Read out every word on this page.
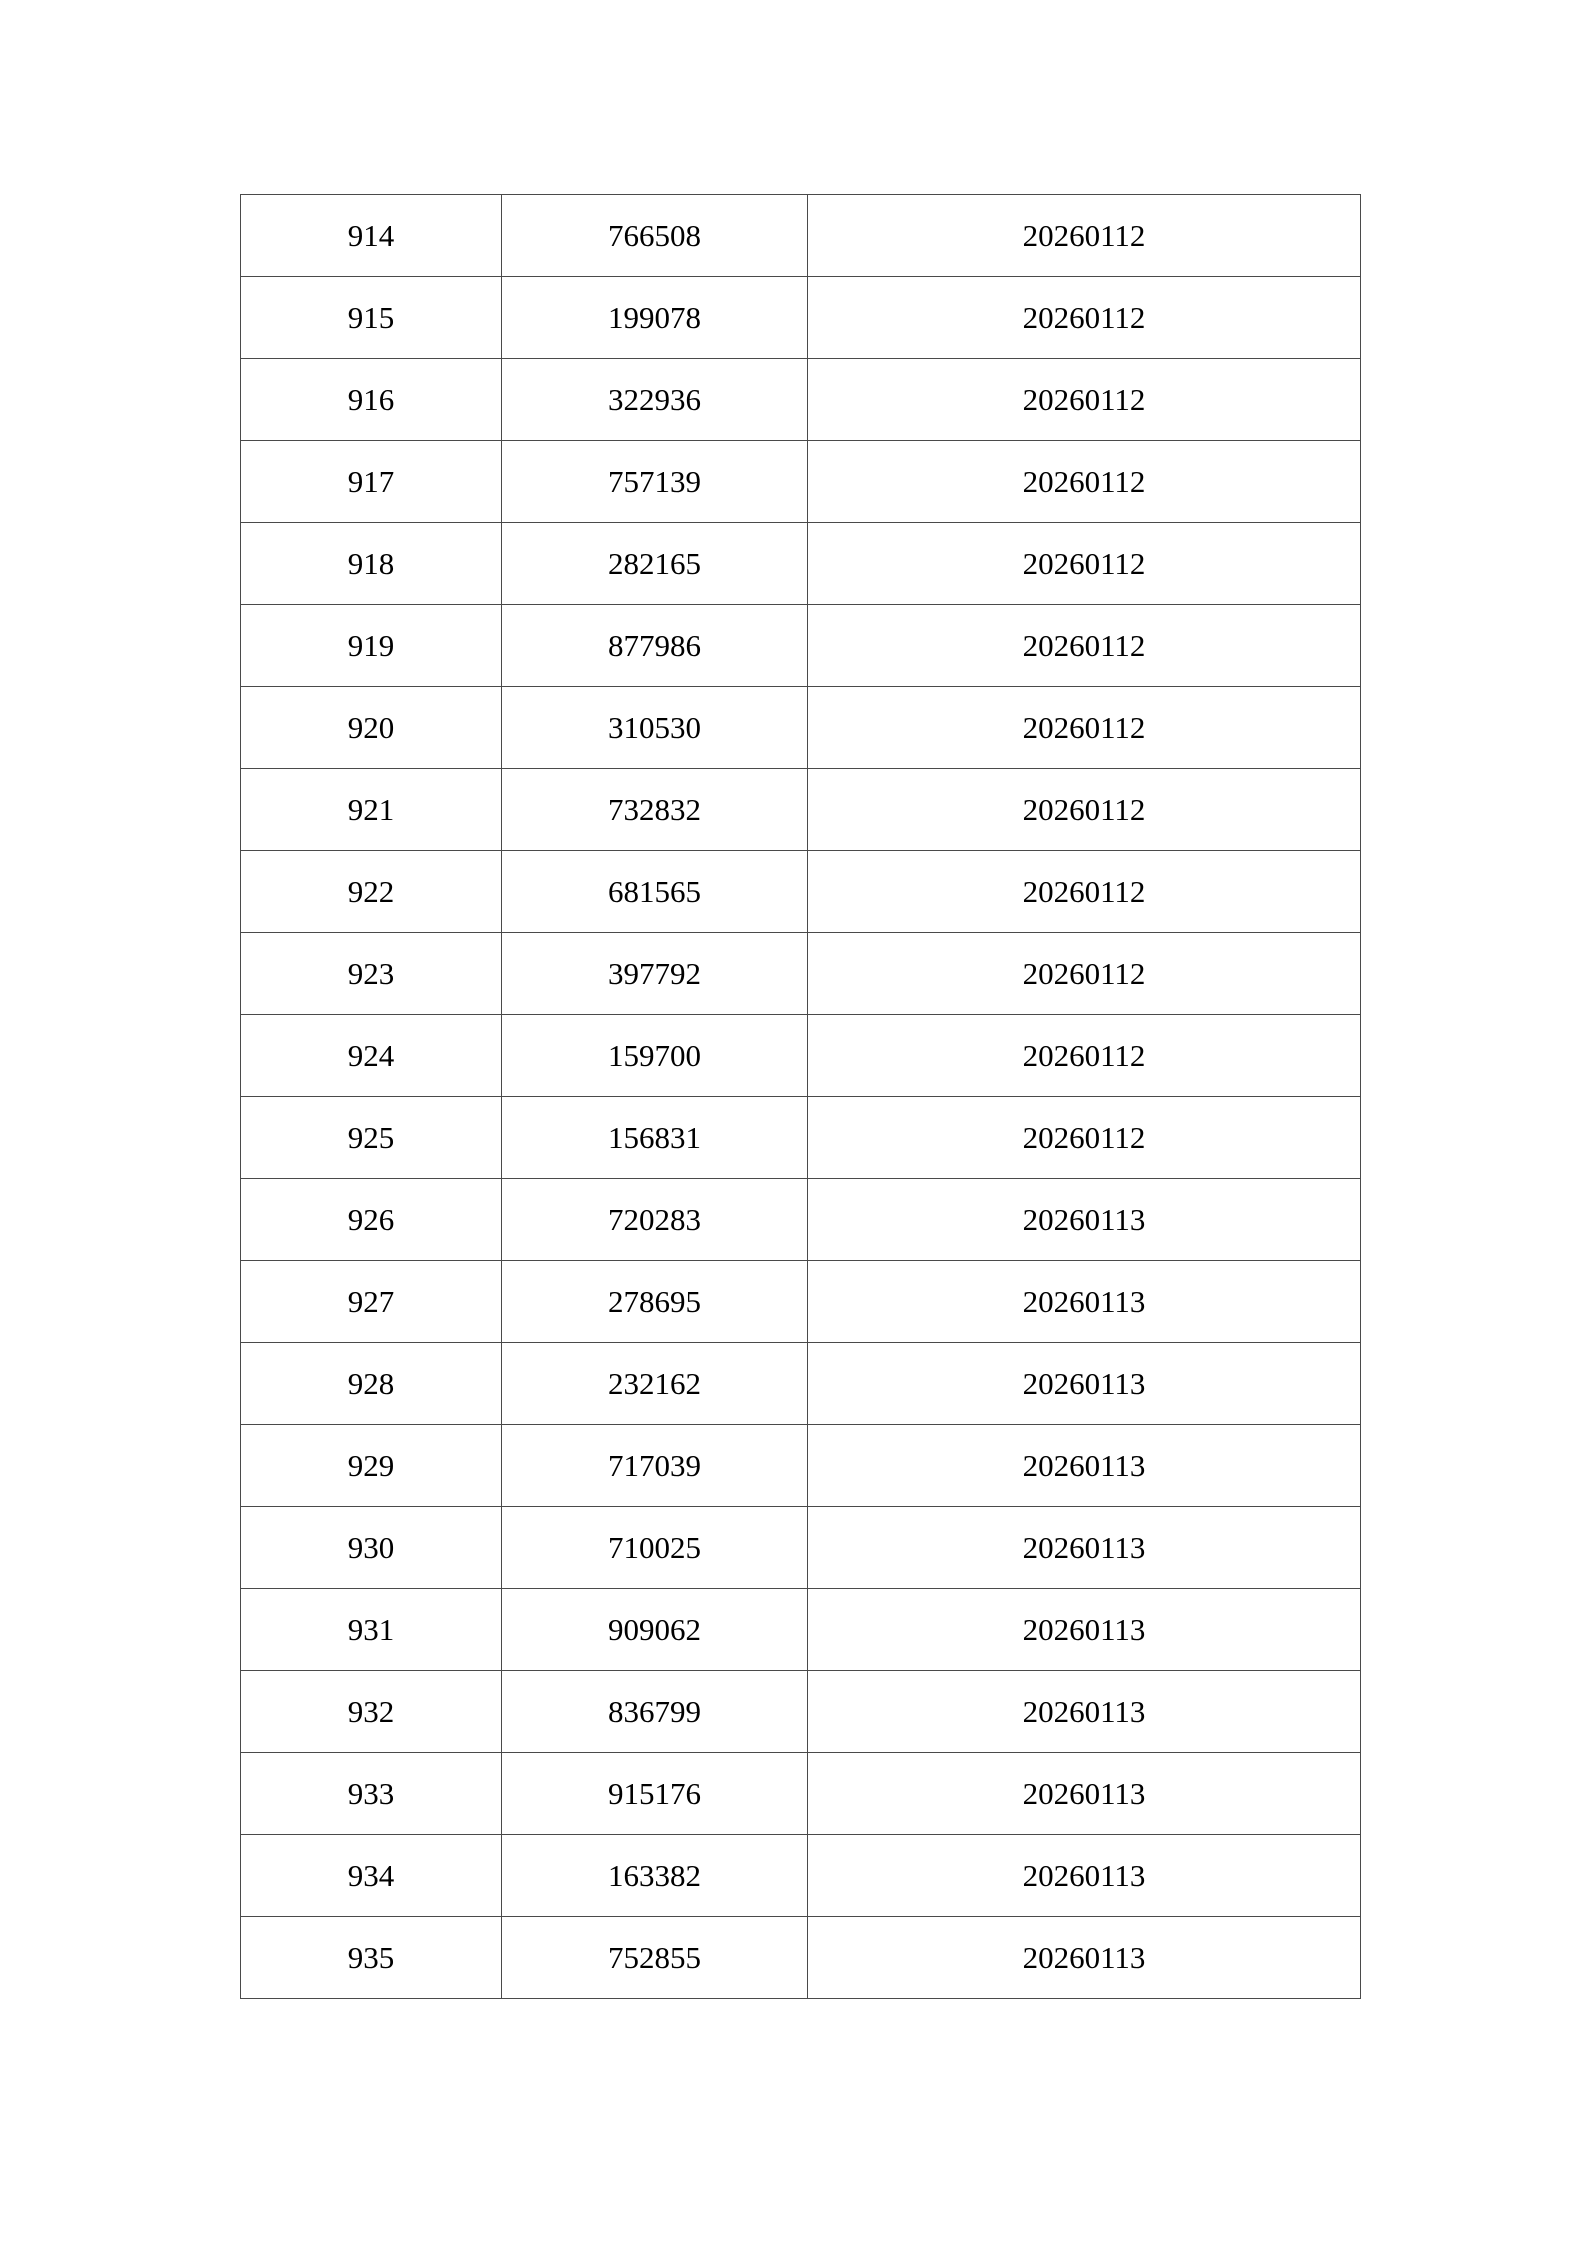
914	766508	20260112
915	199078	20260112
916	322936	20260112
917	757139	20260112
918	282165	20260112
919	877986	20260112
920	310530	20260112
921	732832	20260112
922	681565	20260112
923	397792	20260112
924	159700	20260112
925	156831	20260112
926	720283	20260113
927	278695	20260113
928	232162	20260113
929	717039	20260113
930	710025	20260113
931	909062	20260113
932	836799	20260113
933	915176	20260113
934	163382	20260113
935	752855	20260113
